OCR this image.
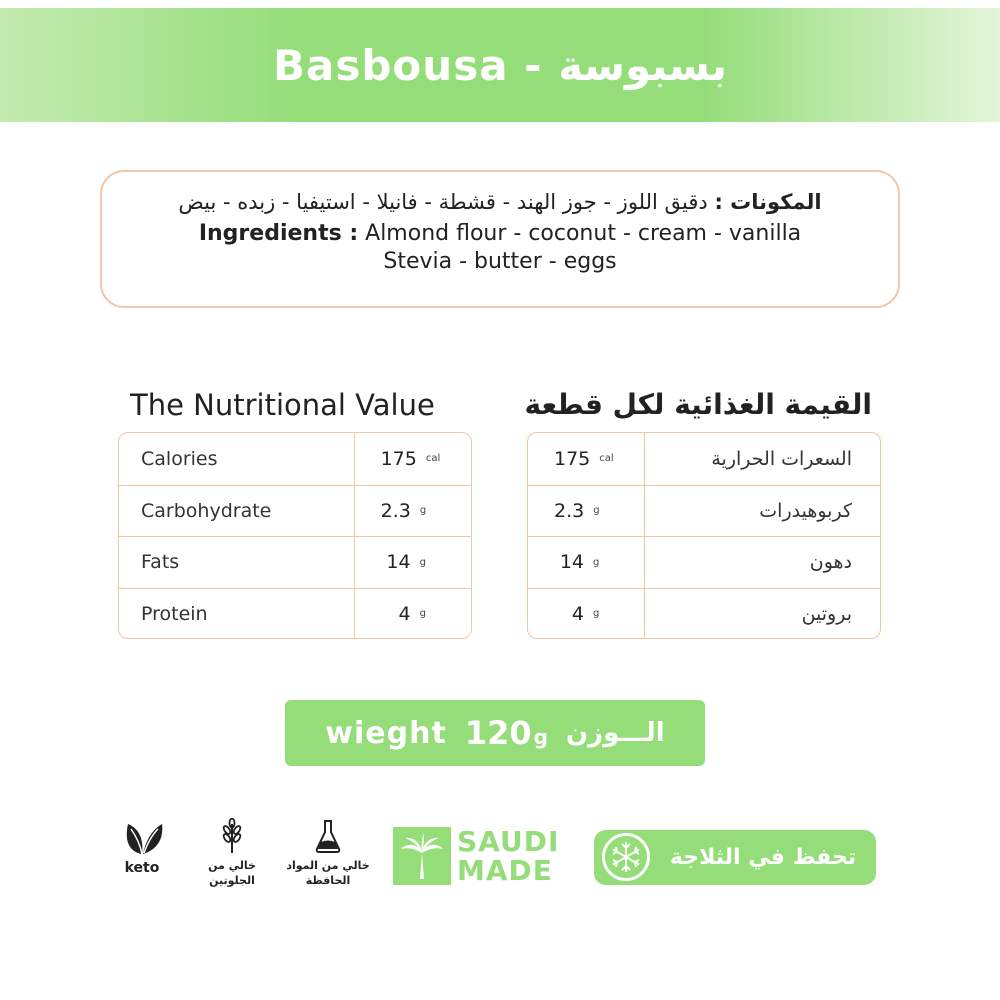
Basbousa - بسبوسة
المكونات : دقيق اللوز - جوز الهند - قشطة - فانيلا - استيفيا - زبده - بيض
Ingredients : Almond flour - coconut - cream - vanilla
Stevia - butter - eggs
The Nutritional Value	القيمة الغذائية لكل قطعة
Calories	175 cal
Carbohydrate	2.3 g
Fats	14 g
Protein	4 g
175 cal	السعرات الحرارية
2.3 g	كربوهيدرات
14 g	دهون
4 g	بروتين
wieght 120 g الـــوزن
keto	خالي من
الجلوتين
خالي من المواد
الحافظة
SAUDI
MADE	تحفظ في الثلاجة
